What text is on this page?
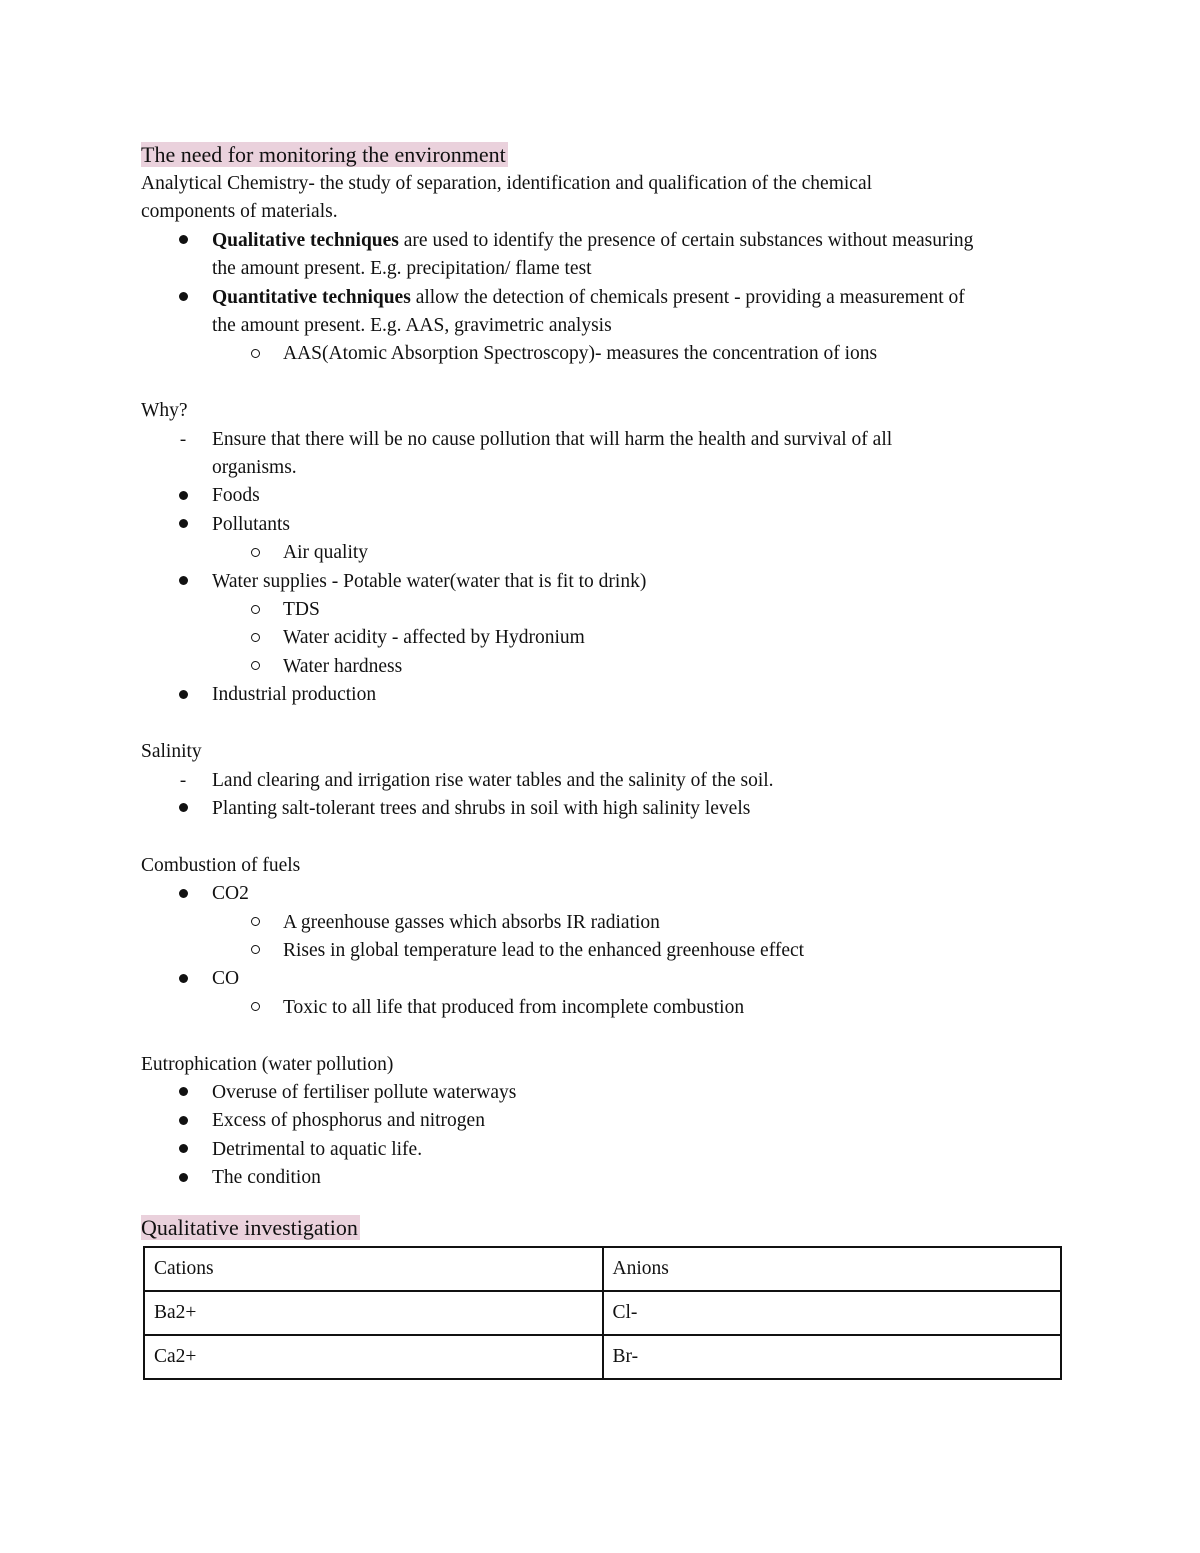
The need for monitoring the environment
Analytical Chemistry- the study of separation, identification and qualification of the chemical
components of materials.
Qualitative techniques are used to identify the presence of certain substances without measuring
the amount present. E.g. precipitation/ flame test
Quantitative techniques allow the detection of chemicals present - providing a measurement of
the amount present. E.g. AAS, gravimetric analysis
AAS(Atomic Absorption Spectroscopy)- measures the concentration of ions
Why?
-	Ensure that there will be no cause pollution that will harm the health and survival of all
organisms.
Foods
Pollutants
Air quality
Water supplies - Potable water(water that is fit to drink)
TDS
Water acidity - affected by Hydronium
Water hardness
Industrial production
Salinity
-	Land clearing and irrigation rise water tables and the salinity of the soil.
Planting salt-tolerant trees and shrubs in soil with high salinity levels
Combustion of fuels
CO2
A greenhouse gasses which absorbs IR radiation
Rises in global temperature lead to the enhanced greenhouse effect
CO
Toxic to all life that produced from incomplete combustion
Eutrophication (water pollution)
Overuse of fertiliser pollute waterways
Excess of phosphorus and nitrogen
Detrimental to aquatic life.
The condition
Qualitative investigation
Cations	Anions
Ba2+	Cl-
Ca2+	Br-
